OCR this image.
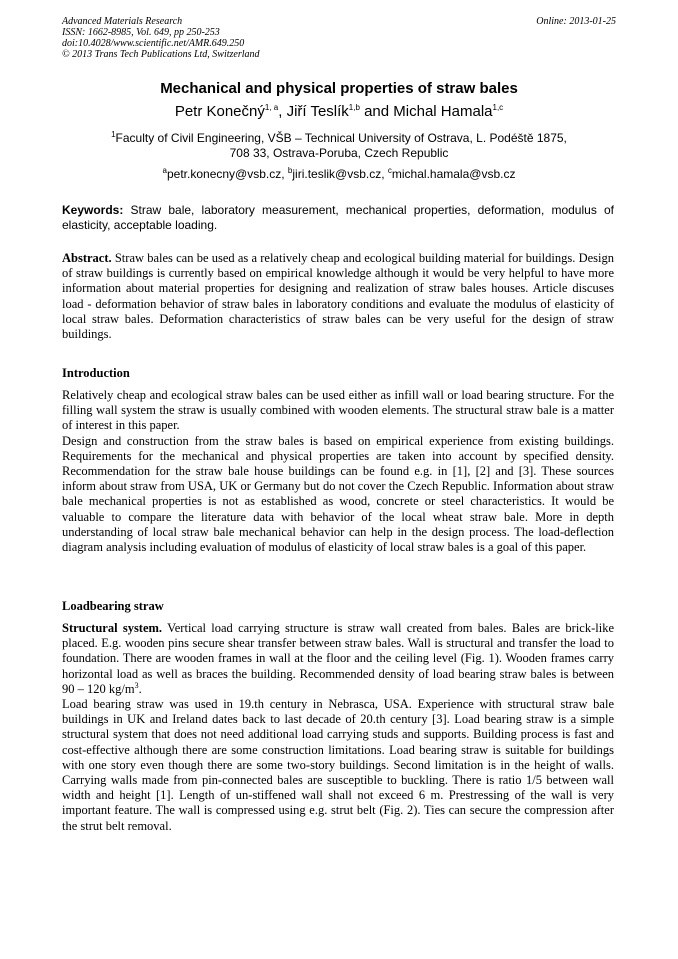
Advanced Materials Research
ISSN: 1662-8985, Vol. 649, pp 250-253
doi:10.4028/www.scientific.net/AMR.649.250
© 2013 Trans Tech Publications Ltd, Switzerland
Online: 2013-01-25
Mechanical and physical properties of straw bales
Petr Konečný$^{1, a}$, Jiří Teslík$^{1,b}$ and Michal Hamala$^{1,c}$
$^1$Faculty of Civil Engineering, VŠB – Technical University of Ostrava, L. Podéště 1875,
708 33, Ostrava-Poruba, Czech Republic
$^a$petr.konecny@vsb.cz, $^b$jiri.teslik@vsb.cz, $^c$michal.hamala@vsb.cz
Keywords: Straw bale, laboratory measurement, mechanical properties, deformation, modulus of elasticity, acceptable loading.
Abstract. Straw bales can be used as a relatively cheap and ecological building material for buildings. Design of straw buildings is currently based on empirical knowledge although it would be very helpful to have more information about material properties for designing and realization of straw bales houses. Article discuses load - deformation behavior of straw bales in laboratory conditions and evaluate the modulus of elasticity of local straw bales. Deformation characteristics of straw bales can be very useful for the design of straw buildings.
Introduction

Relatively cheap and ecological straw bales can be used either as infill wall or load bearing structure. For the filling wall system the straw is usually combined with wooden elements. The structural straw bale is a matter of interest in this paper.

Design and construction from the straw bales is based on empirical experience from existing buildings. Requirements for the mechanical and physical properties are taken into account by specified density. Recommendation for the straw bale house buildings can be found e.g. in [1], [2] and [3]. These sources inform about straw from USA, UK or Germany but do not cover the Czech Republic. Information about straw bale mechanical properties is not as established as wood, concrete or steel characteristics. It would be valuable to compare the literature data with behavior of the local wheat straw bale. More in depth understanding of local straw bale mechanical behavior can help in the design process. The load-deflection diagram analysis including evaluation of modulus of elasticity of local straw bales is a goal of this paper.

Loadbearing straw

Structural system. Vertical load carrying structure is straw wall created from bales. Bales are brick-like placed. E.g. wooden pins secure shear transfer between straw bales. Wall is structural and transfer the load to foundation. There are wooden frames in wall at the floor and the ceiling level (Fig. 1). Wooden frames carry horizontal load as well as braces the building. Recommended density of load bearing straw bales is between 90 – 120 $kg/m^3$.

Load bearing straw was used in 19.th century in Nebrasca, USA. Experience with structural straw bale buildings in UK and Ireland dates back to last decade of 20.th century [3]. Load bearing straw is a simple structural system that does not need additional load carrying studs and supports. Building process is fast and cost-effective although there are some construction limitations. Load bearing straw is suitable for buildings with one story even though there are some two-story buildings. Second limitation is in the height of walls. Carrying walls made from pin-connected bales are susceptible to buckling. There is ratio 1/5 between wall width and height [1]. Length of un-stiffened wall shall not exceed 6 m. Prestressing of the wall is very important feature. The wall is compressed using e.g. strut belt (Fig. 2). Ties can secure the compression after the strut belt removal.
